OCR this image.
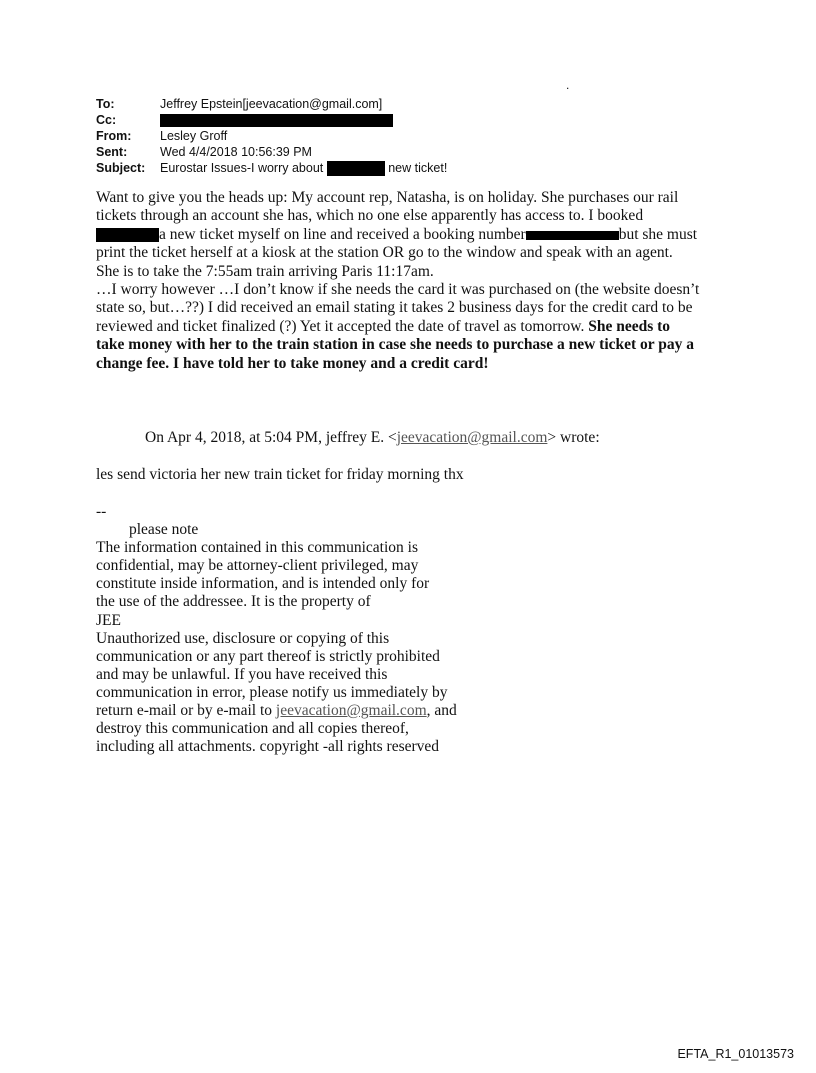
.
To:	Jeffrey Epstein[jeevacation@gmail.com]
Cc:
From: Lesley Groff
Sent:	Wed 4/4/2018 10:56:39 PM
Subject: Eurostar Issues-I worry about	new ticket!
Want to give you the heads up: My account rep, Natasha, is on holiday. She purchases our rail
tickets through an account she has, which no one else apparently has access to. I booked
a new ticket myself on line and received a booking number	but she must
print the ticket herself at a kiosk at the station OR go to the window and speak with an agent.
She is to take the 7:55am train arriving Paris 11:17am.
…I worry however …I don’t know if she needs the card it was purchased on (the website doesn’t
state so, but…??) I did received an email stating it takes 2 business days for the credit card to be
reviewed and ticket finalized (?) Yet it accepted the date of travel as tomorrow. She needs to
take money with her to the train station in case she needs to purchase a new ticket or pay a
change fee. I have told her to take money and a credit card!
On Apr 4, 2018, at 5:04 PM, jeffrey E. <jeevacation@gmail.com> wrote:
les send victoria her new train ticket for friday morning thx
--
please note
The information contained in this communication is
confidential, may be attorney-client privileged, may
constitute inside information, and is intended only for
the use of the addressee. It is the property of
JEE
Unauthorized use, disclosure or copying of this
communication or any part thereof is strictly prohibited
and may be unlawful. If you have received this
communication in error, please notify us immediately by
return e-mail or by e-mail to jeevacation@gmail.com, and
destroy this communication and all copies thereof,
including all attachments. copyright -all rights reserved
EFTA_R1_01013573
